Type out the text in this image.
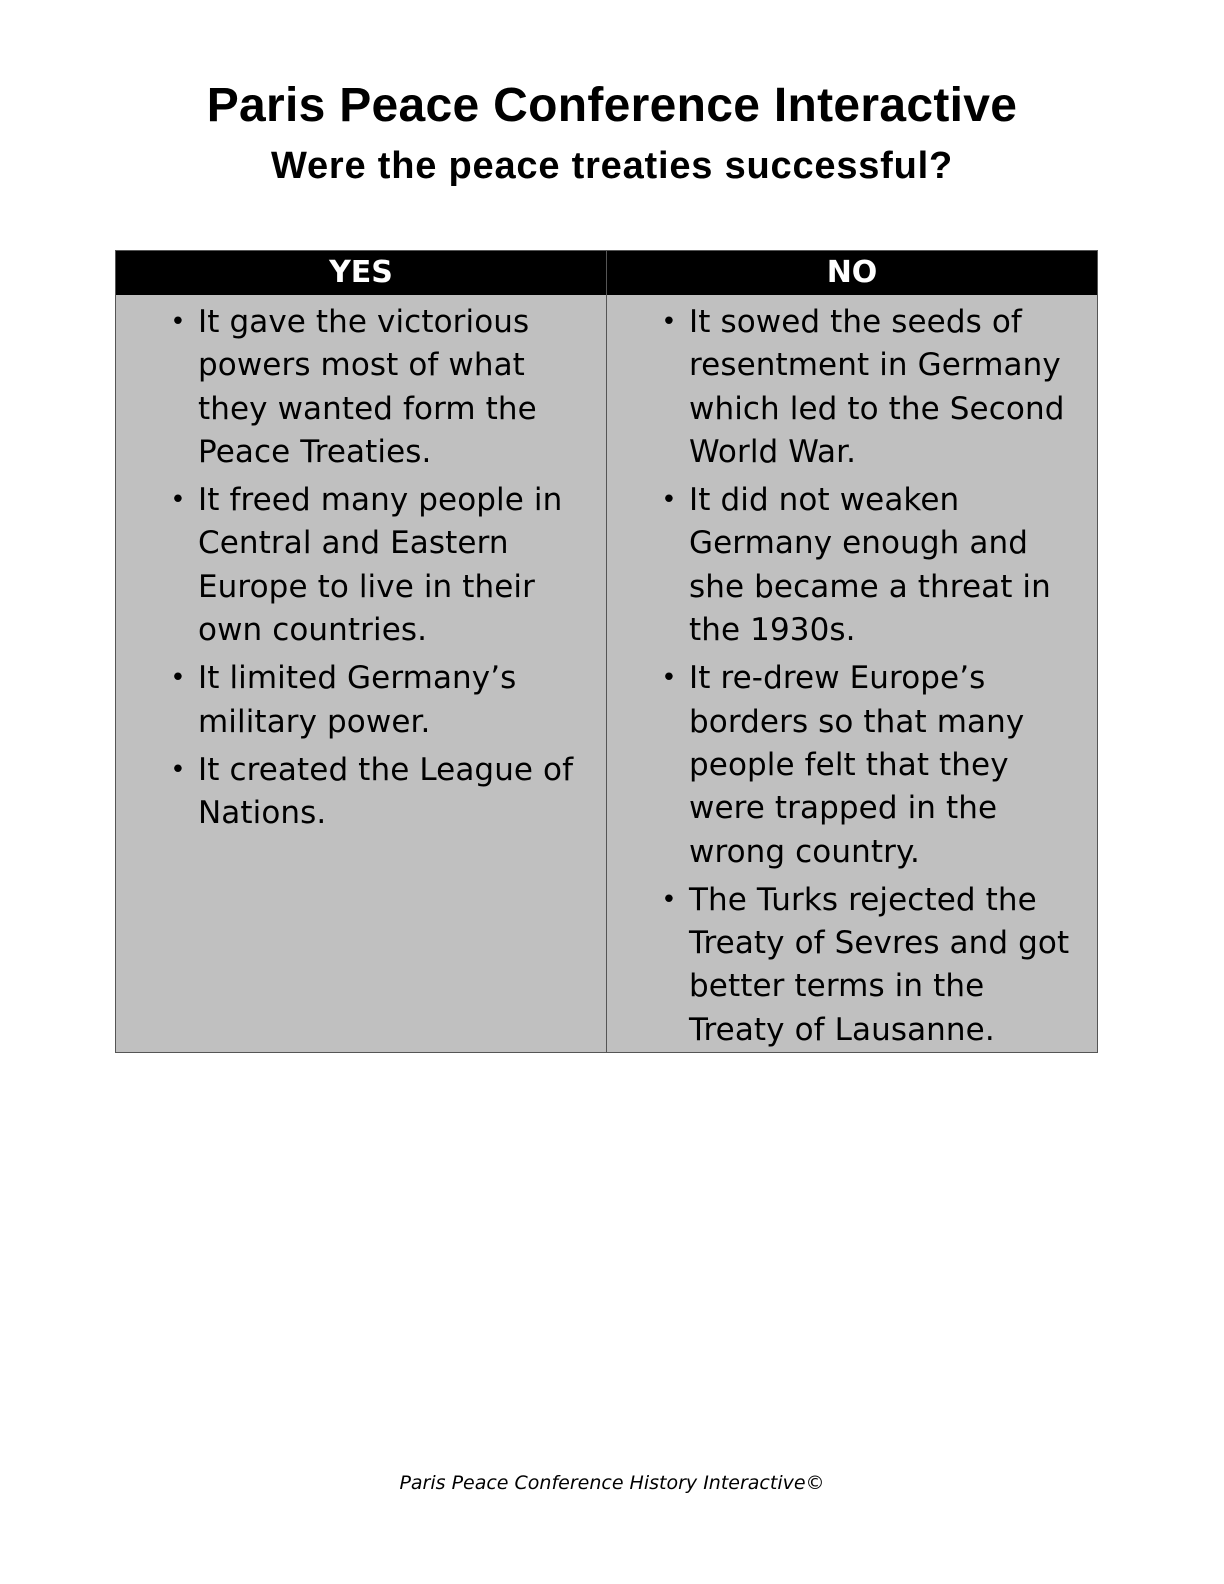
Paris Peace Conference Interactive
Were the peace treaties successful?
YES
• It gave the victorious powers most of what they wanted form the Peace Treaties.
• It freed many people in Central and Eastern Europe to live in their own countries.
• It limited Germany’s military power.
• It created the League of Nations.
NO
• It sowed the seeds of resentment in Germany which led to the Second World War.
• It did not weaken Germany enough and she became a threat in the 1930s.
• It re-drew Europe’s borders so that many people felt that they were trapped in the wrong country.
• The Turks rejected the Treaty of Sevres and got better terms in the Treaty of Lausanne.
Paris Peace Conference History Interactive©
